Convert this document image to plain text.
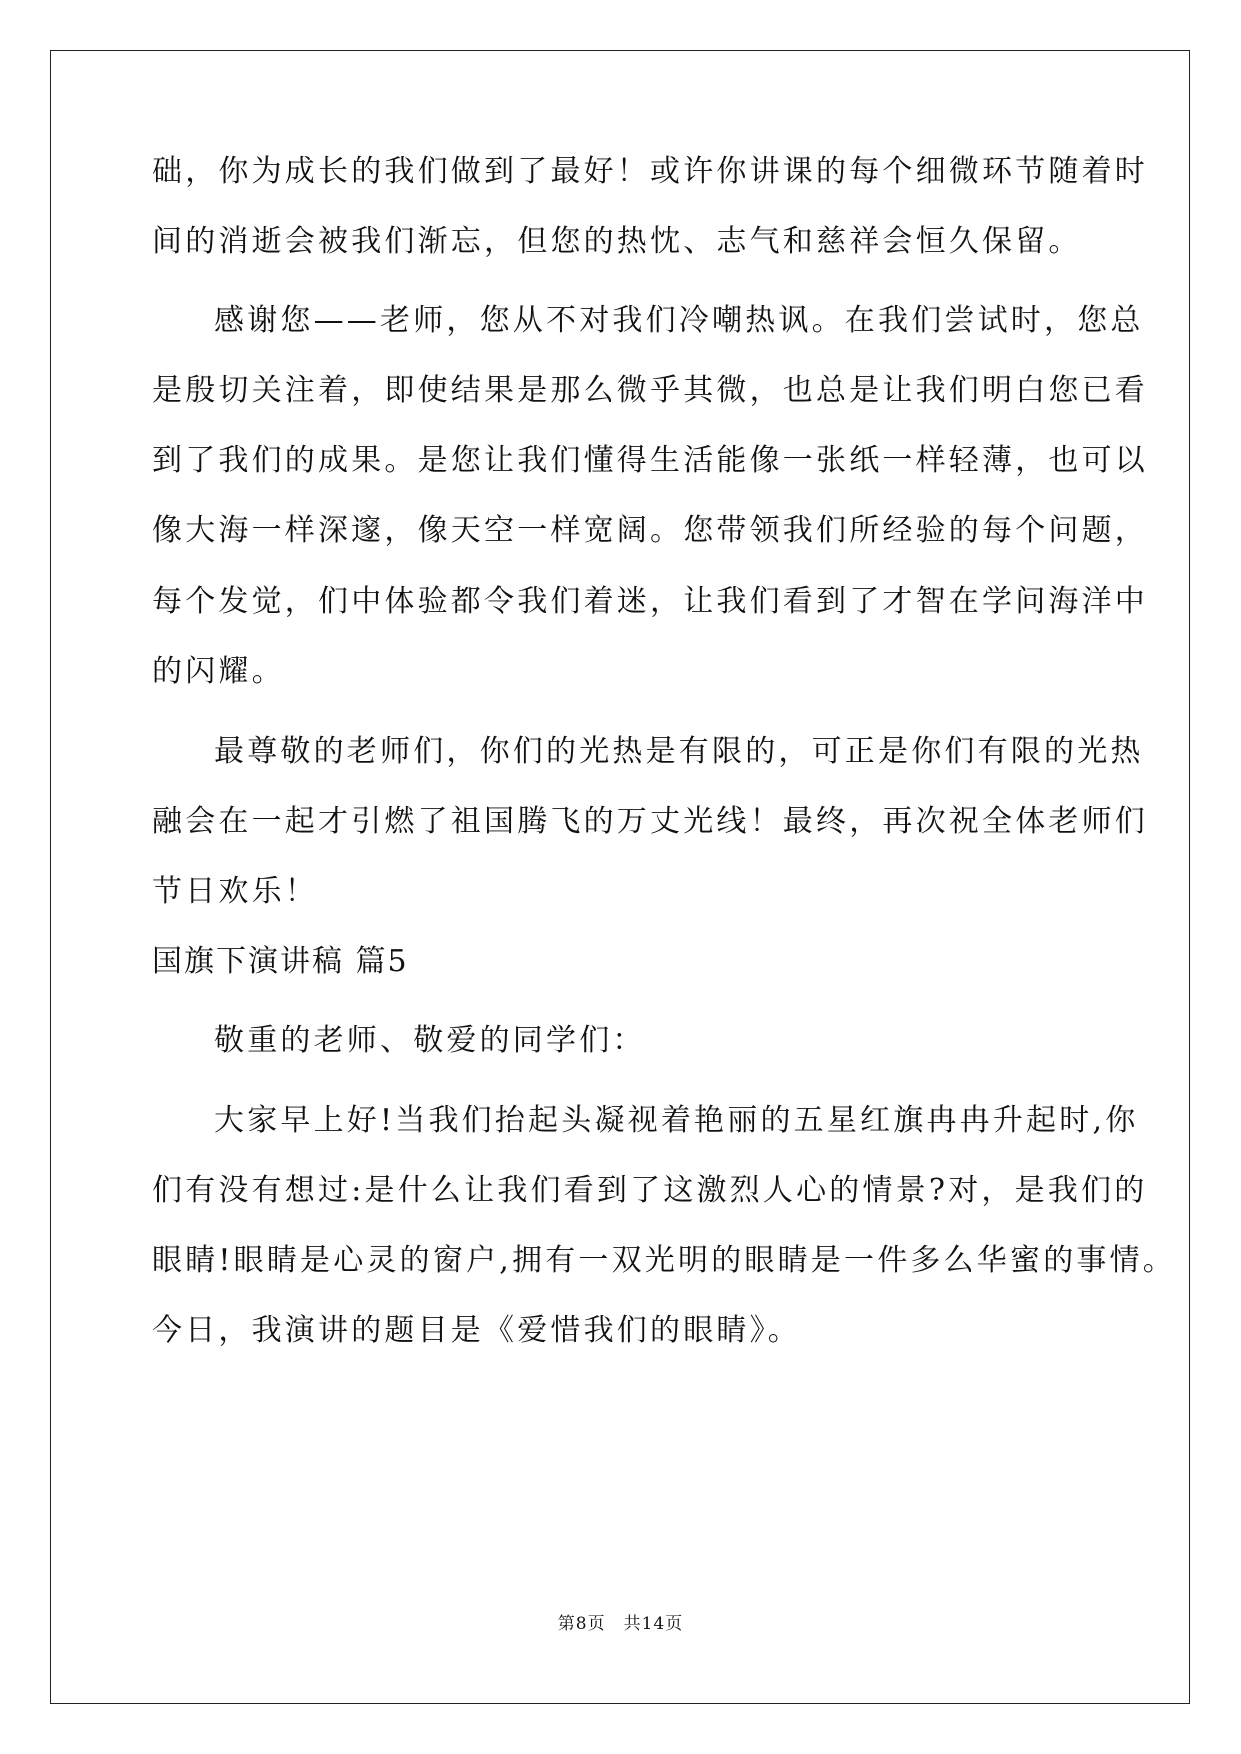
础，你为成长的我们做到了最好！或许你讲课的每个细微环节随着时
间的消逝会被我们渐忘，但您的热忱、志气和慈祥会恒久保留。
感谢您——老师，您从不对我们冷嘲热讽。在我们尝试时，您总
是殷切关注着，即使结果是那么微乎其微，也总是让我们明白您已看
到了我们的成果。是您让我们懂得生活能像一张纸一样轻薄，也可以
像大海一样深邃，像天空一样宽阔。您带领我们所经验的每个问题，
每个发觉，们中体验都令我们着迷，让我们看到了才智在学问海洋中
的闪耀。
最尊敬的老师们，你们的光热是有限的，可正是你们有限的光热
融会在一起才引燃了祖国腾飞的万丈光线！最终，再次祝全体老师们
节日欢乐！
国旗下演讲稿 篇5
敬重的老师、敬爱的同学们：
大家早上好!当我们抬起头凝视着艳丽的五星红旗冉冉升起时,你
们有没有想过:是什么让我们看到了这激烈人心的情景?对，是我们的
眼睛!眼睛是心灵的窗户,拥有一双光明的眼睛是一件多么华蜜的事情。
今日，我演讲的题目是《爱惜我们的眼睛》。
第8页　共14页
